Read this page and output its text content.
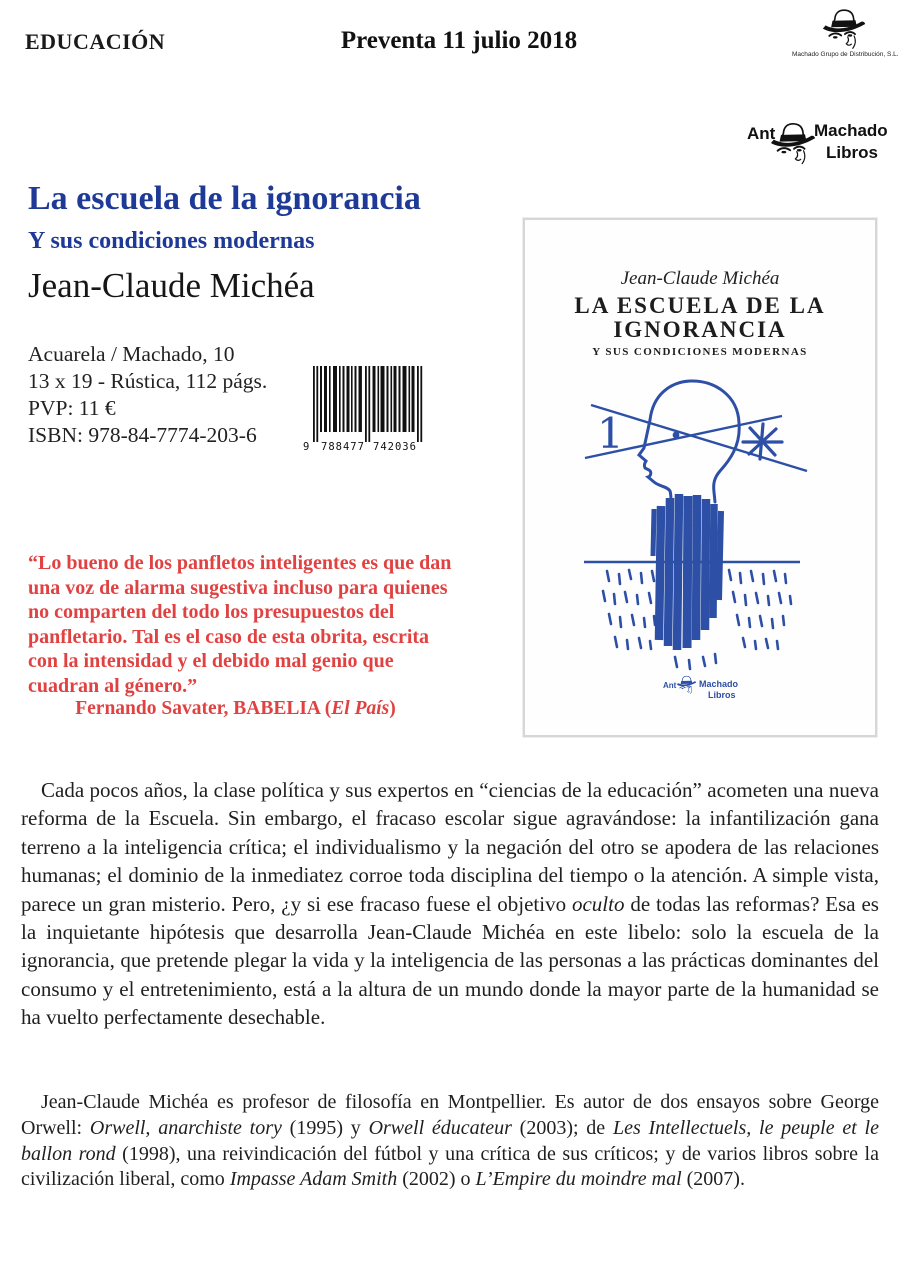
EDUCACIÓN	Preventa 11 julio 2018
Machado Grupo de Distribución, S.L.
Ant Machado
Libros
La escuela de la ignorancia
Y sus condiciones modernas
Jean-Claude Michéa
Acuarela / Machado, 10
13 x 19 - Rústica, 112 págs.
PVP: 11 €
ISBN: 978-84-7774-203-6	9 788477 742036
“Lo bueno de los panfletos inteligentes es que dan una voz de alarma sugestiva incluso para quienes no comparten del todo los presupuestos del panfletario. Tal es el caso de esta obrita, escrita con la intensidad y el debido mal genio que cuadran al género.”
Fernando Savater, BABELIA (El País)
Jean-Claude Michéa
LA ESCUELA DE LA
IGNORANCIA
Y SUS CONDICIONES MODERNAS
1
Ant	Machado
Libros
Cada pocos años, la clase política y sus expertos en “ciencias de la educación” acometen una nueva reforma de la Escuela. Sin embargo, el fracaso escolar sigue agravándose: la infantilización gana terreno a la inteligencia crítica; el individualismo y la negación del otro se apodera de las relaciones humanas; el dominio de la inmediatez corroe toda disciplina del tiempo o la atención. A simple vista, parece un gran misterio. Pero, ¿y si ese fracaso fuese el objetivo oculto de todas las reformas? Esa es la inquietante hipótesis que desarrolla Jean-Claude Michéa en este libelo: solo la escuela de la ignorancia, que pretende plegar la vida y la inteligencia de las personas a las prácticas dominantes del consumo y el entretenimiento, está a la altura de un mundo donde la mayor parte de la humanidad se ha vuelto perfectamente desechable.
Jean-Claude Michéa es profesor de filosofía en Montpellier. Es autor de dos ensayos sobre George Orwell: Orwell, anarchiste tory (1995) y Orwell éducateur (2003); de Les Intellectuels, le peuple et le ballon rond (1998), una reivindicación del fútbol y una crítica de sus críticos; y de varios libros sobre la civilización liberal, como Impasse Adam Smith (2002) o L’Empire du moindre mal (2007).
